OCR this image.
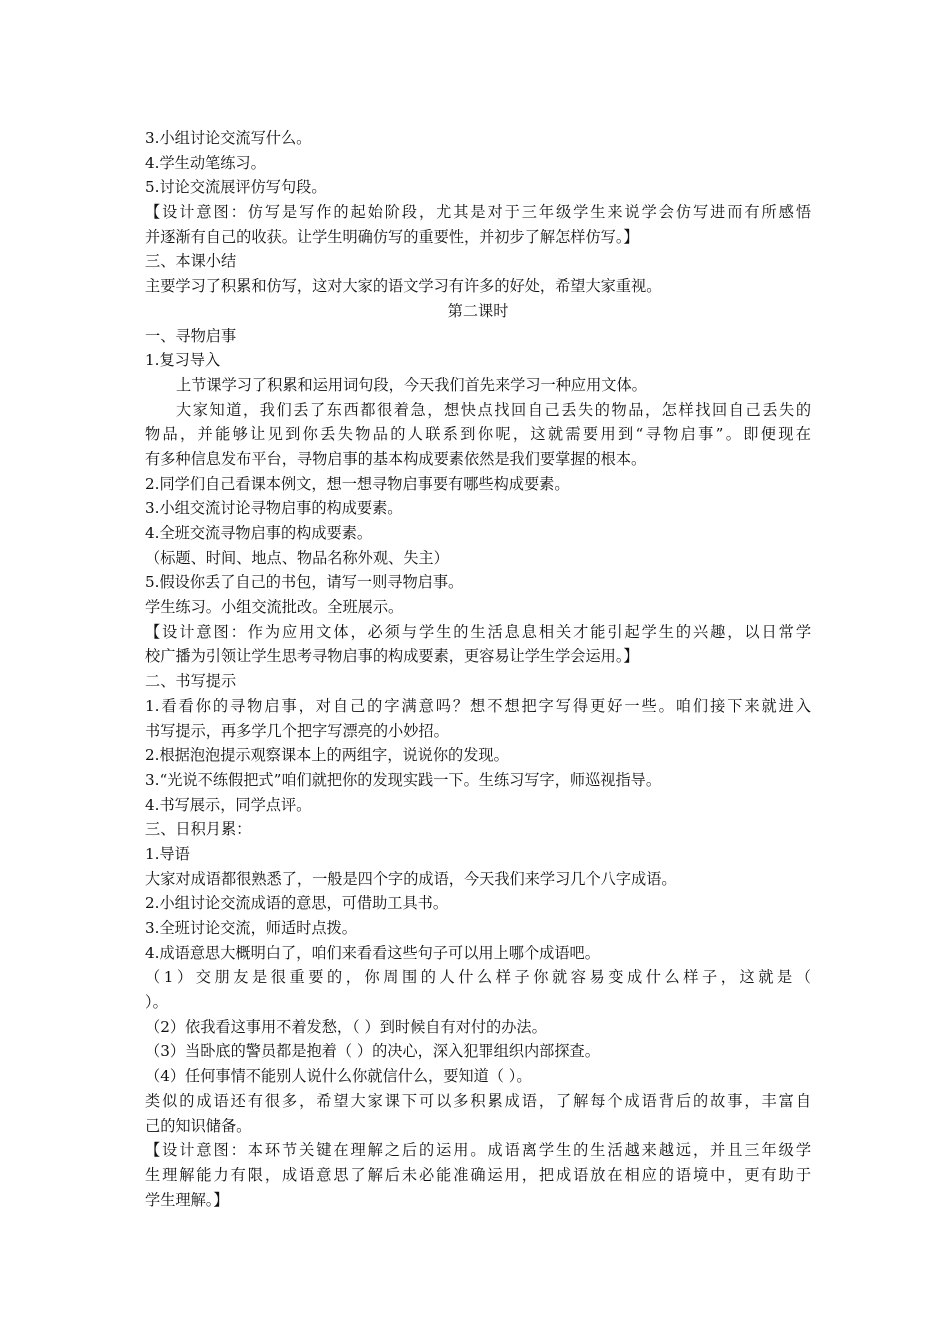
3.小组讨论交流写什么。
4.学生动笔练习。
5.讨论交流展评仿写句段。
【设计意图：仿写是写作的起始阶段，尤其是对于三年级学生来说学会仿写进而有所感悟
并逐渐有自己的收获。让学生明确仿写的重要性，并初步了解怎样仿写。】
三、本课小结
主要学习了积累和仿写，这对大家的语文学习有许多的好处，希望大家重视。
第二课时
一、寻物启事
1.复习导入
上节课学习了积累和运用词句段，今天我们首先来学习一种应用文体。
大家知道，我们丢了东西都很着急，想快点找回自己丢失的物品，怎样找回自己丢失的
物品，并能够让见到你丢失物品的人联系到你呢，这就需要用到“寻物启事”。即便现在
有多种信息发布平台，寻物启事的基本构成要素依然是我们要掌握的根本。
2.同学们自己看课本例文，想一想寻物启事要有哪些构成要素。
3.小组交流讨论寻物启事的构成要素。
4.全班交流寻物启事的构成要素。
（标题、时间、地点、物品名称外观、失主）
5.假设你丢了自己的书包，请写一则寻物启事。
学生练习。小组交流批改。全班展示。
【设计意图：作为应用文体，必须与学生的生活息息相关才能引起学生的兴趣，以日常学
校广播为引领让学生思考寻物启事的构成要素，更容易让学生学会运用。】
二、书写提示
1.看看你的寻物启事，对自己的字满意吗？想不想把字写得更好一些。咱们接下来就进入
书写提示，再多学几个把字写漂亮的小妙招。
2.根据泡泡提示观察课本上的两组字，说说你的发现。
3.“光说不练假把式”咱们就把你的发现实践一下。生练习写字，师巡视指导。
4.书写展示，同学点评。
三、日积月累：
1.导语
大家对成语都很熟悉了，一般是四个字的成语，今天我们来学习几个八字成语。
2.小组讨论交流成语的意思，可借助工具书。
3.全班讨论交流，师适时点拨。
4.成语意思大概明白了，咱们来看看这些句子可以用上哪个成语吧。
（1）交朋友是很重要的，你周围的人什么样子你就容易变成什么样子，这就是（
）。
（2）依我看这事用不着发愁，（ ）到时候自有对付的办法。
（3）当卧底的警员都是抱着（ ）的决心，深入犯罪组织内部探查。
（4）任何事情不能别人说什么你就信什么，要知道（ ）。
类似的成语还有很多，希望大家课下可以多积累成语，了解每个成语背后的故事，丰富自
己的知识储备。
【设计意图：本环节关键在理解之后的运用。成语离学生的生活越来越远，并且三年级学
生理解能力有限，成语意思了解后未必能准确运用，把成语放在相应的语境中，更有助于
学生理解。】
